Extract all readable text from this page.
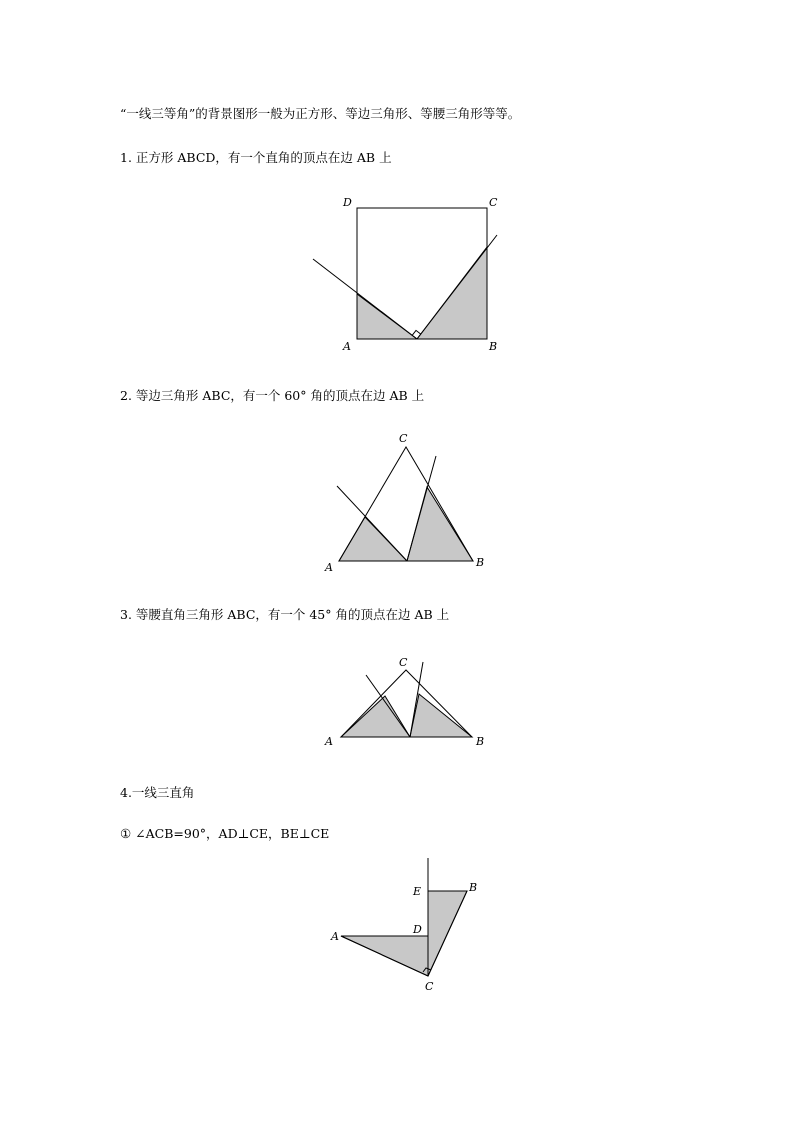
“一线三等角”的背景图形一般为正方形、等边三角形、等腰三角形等等。
1. 正方形 ABCD，有一个直角的顶点在边 AB 上
2. 等边三角形 ABC，有一个 60° 角的顶点在边 AB 上
3. 等腰直角三角形 ABC，有一个 45° 角的顶点在边 AB 上
4.一线三直角
① ∠ACB=90°，AD⊥CE，BE⊥CE
D	C
A	B
C
A	B
C
A	B
E	B
D
A
C
